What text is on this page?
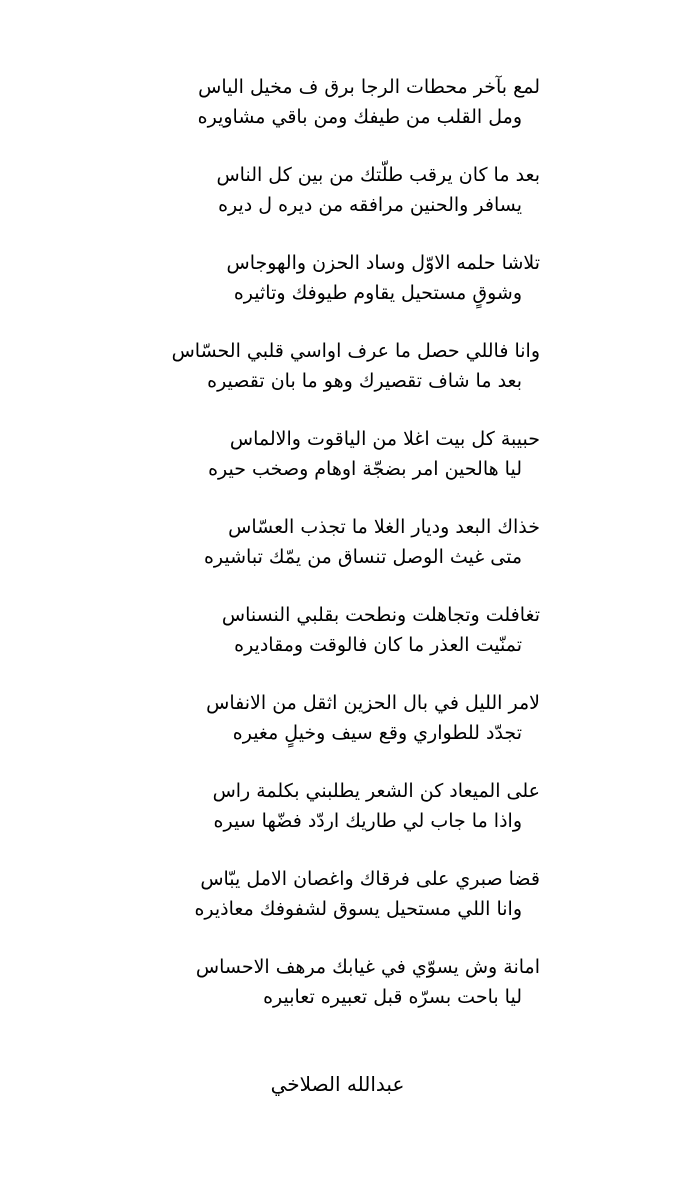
لمع بآخر محطات الرجا برق ف مخيل الياس
ومل القلب من طيفك ومن باقي مشاويره
بعد ما كان يرقب طلّتك من بين كل الناس
يسافر والحنين مرافقه من ديره ل ديره
تلاشا حلمه الاوّل وساد الحزن والهوجاس
وشوقٍ مستحيل يقاوم طيوفك وتاثيره
وانا فاللي حصل ما عرف اواسي قلبي الحسّاس
بعد ما شاف تقصيرك وهو ما بان تقصيره
حبيبة كل بيت اغلا من الياقوت والالماس
ليا هالحين امر بضجّة اوهام وصخب حيره
خذاك البعد وديار الغلا ما تجذب العسّاس
متى غيث الوصل تنساق من يمّك تباشيره
تغافلت وتجاهلت ونطحت بقلبي النسناس
تمنّيت العذر ما كان فالوقت ومقاديره
لامر الليل في بال الحزين اثقل من الانفاس
تجدّد للطواري وقع سيف وخيلٍ مغيره
على الميعاد كن الشعر يطلبني بكلمة راس
واذا ما جاب لي طاريك اردّد فضّها سيره
قضا صبري على فرقاك واغصان الامل يبّاس
وانا اللي مستحيل يسوق لشفوفك معاذيره
امانة وش يسوّي في غيابك مرهف الاحساس
ليا باحت بسرّه قبل تعبيره تعابيره
عبدالله الصلاخي
